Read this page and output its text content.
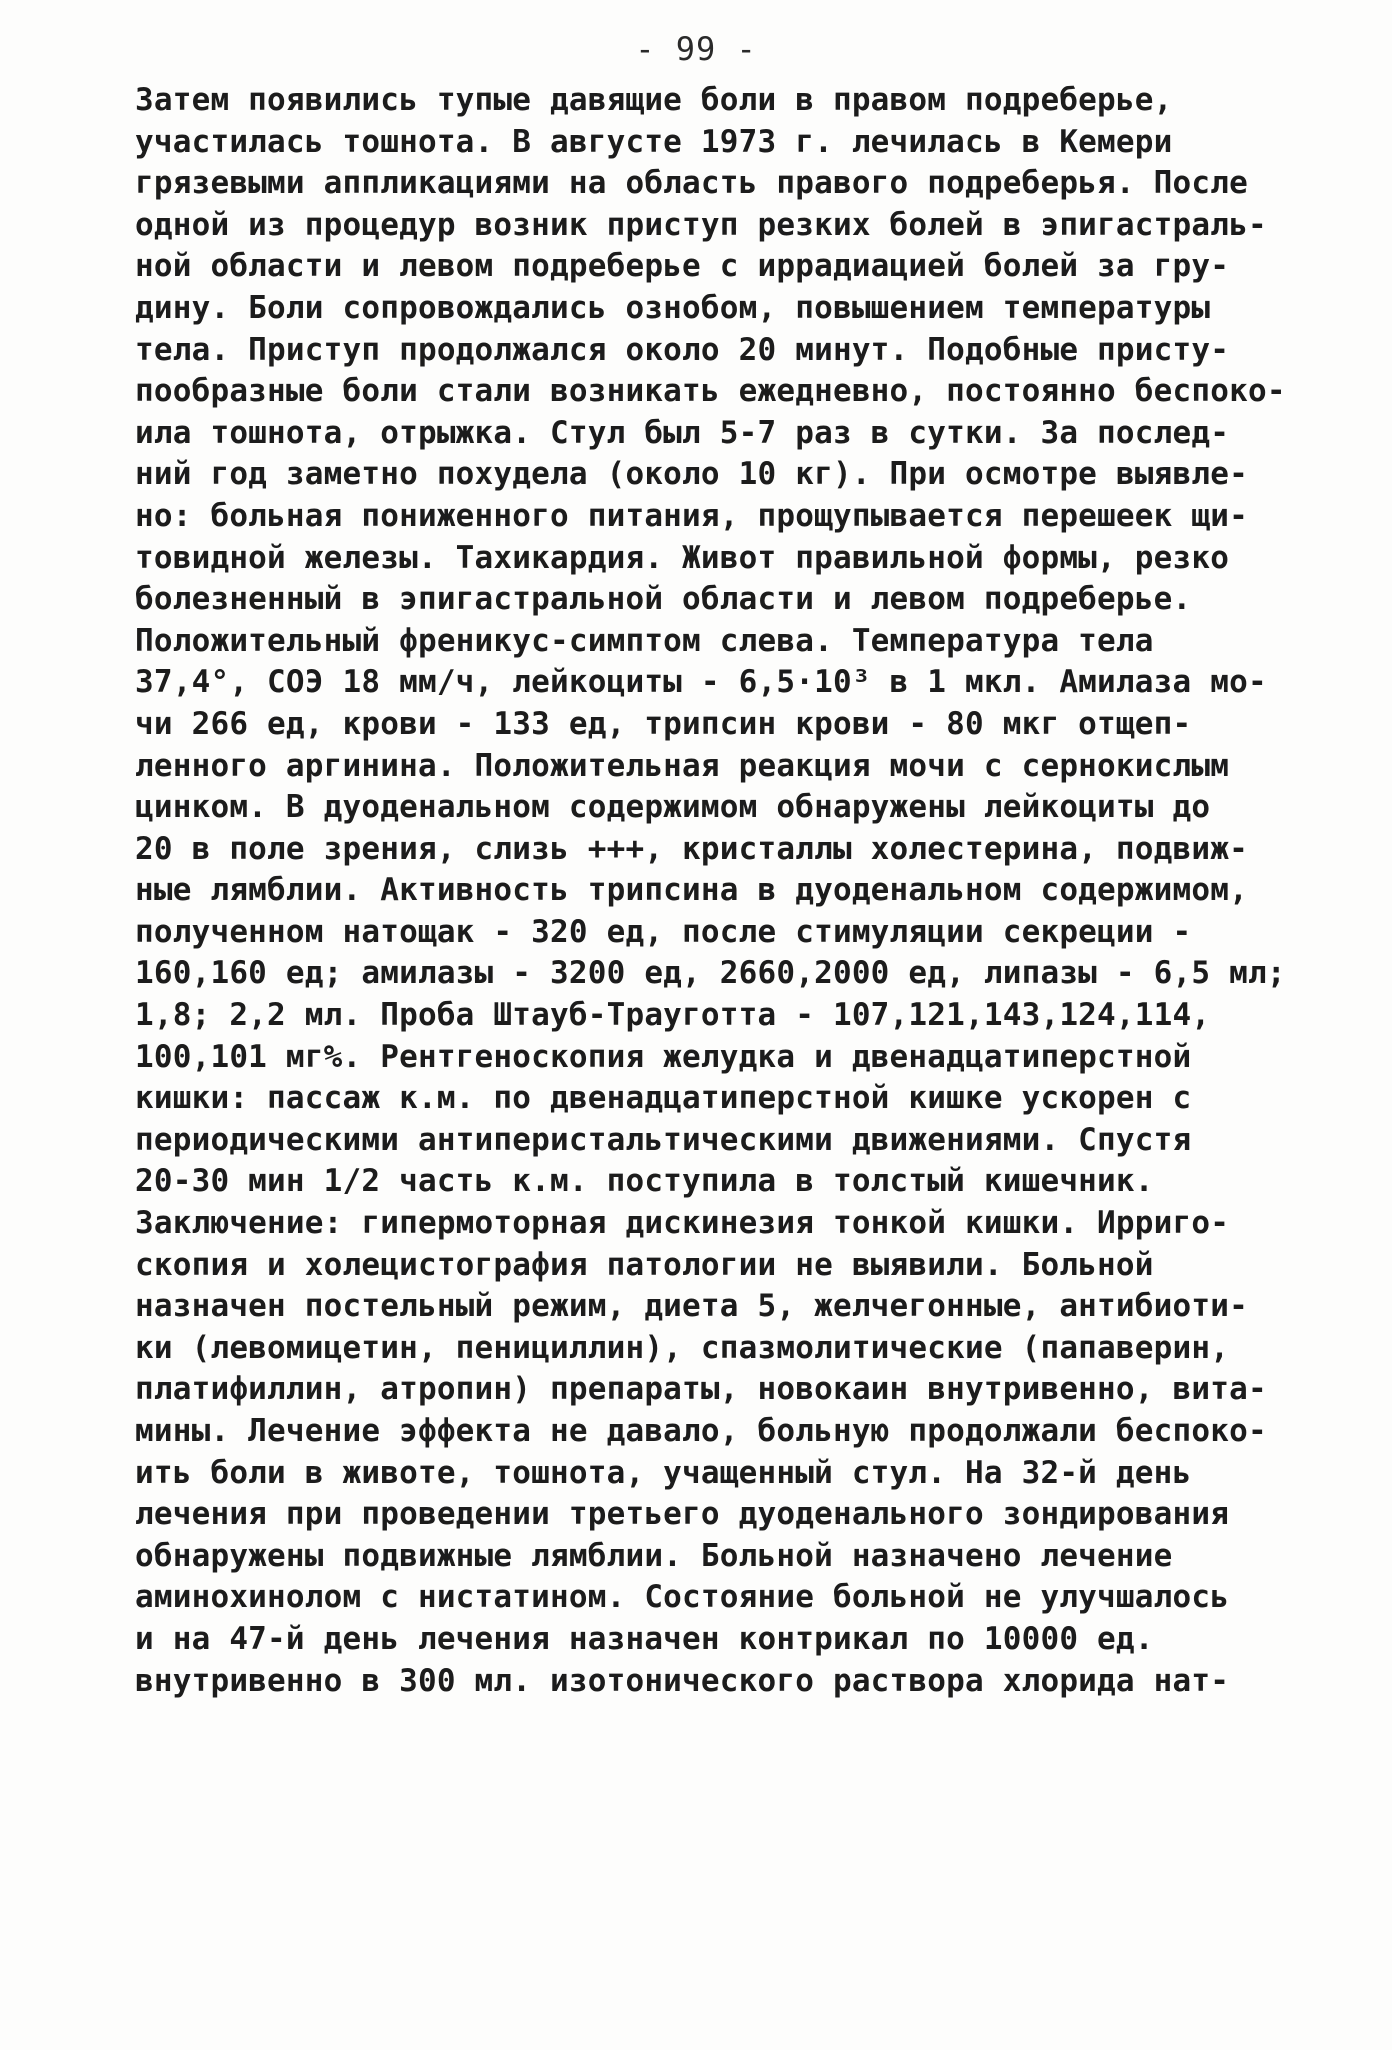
- 99 -
Затем появились тупые давящие боли в правом подреберье,
участилась тошнота. В августе 1973 г. лечилась в Кемери
грязевыми аппликациями на область правого подреберья. После
одной из процедур возник приступ резких болей в эпигастраль-
ной области и левом подреберье с иррадиацией болей за гру-
дину. Боли сопровождались ознобом, повышением температуры
тела. Приступ продолжался около 20 минут. Подобные присту-
пообразные боли стали возникать ежедневно, постоянно беспоко-
ила тошнота, отрыжка. Стул был 5-7 раз в сутки. За послед-
ний год заметно похудела (около 10 кг). При осмотре выявле-
но: больная пониженного питания, прощупывается перешеек щи-
товидной железы. Тахикардия. Живот правильной формы, резко
болезненный в эпигастральной области и левом подреберье.
Положительный френикус-симптом слева. Температура тела
37,4°, СОЭ 18 мм/ч, лейкоциты - 6,5·10³ в 1 мкл. Амилаза мо-
чи 266 ед, крови - 133 ед, трипсин крови - 80 мкг отщеп-
ленного аргинина. Положительная реакция мочи с сернокислым
цинком. В дуоденальном содержимом обнаружены лейкоциты до
20 в поле зрения, слизь +++, кристаллы холестерина, подвиж-
ные лямблии. Активность трипсина в дуоденальном содержимом,
полученном натощак - 320 ед, после стимуляции секреции -
160,160 ед; амилазы - 3200 ед, 2660,2000 ед, липазы - 6,5 мл;
1,8; 2,2 мл. Проба Штауб-Трауготта - 107,121,143,124,114,
100,101 мг%. Рентгеноскопия желудка и двенадцатиперстной
кишки: пассаж к.м. по двенадцатиперстной кишке ускорен с
периодическими антиперистальтическими движениями. Спустя
20-30 мин 1/2 часть к.м. поступила в толстый кишечник.
Заключение: гипермоторная дискинезия тонкой кишки. Ирриго-
скопия и холецистография патологии не выявили. Больной
назначен постельный режим, диета 5, желчегонные, антибиоти-
ки (левомицетин, пенициллин), спазмолитические (папаверин,
платифиллин, атропин) препараты, новокаин внутривенно, вита-
мины. Лечение эффекта не давало, больную продолжали беспоко-
ить боли в животе, тошнота, учащенный стул. На 32-й день
лечения при проведении третьего дуоденального зондирования
обнаружены подвижные лямблии. Больной назначено лечение
аминохинолом с нистатином. Состояние больной не улучшалось
и на 47-й день лечения назначен контрикал по 10000 ед.
внутривенно в 300 мл. изотонического раствора хлорида нат-
